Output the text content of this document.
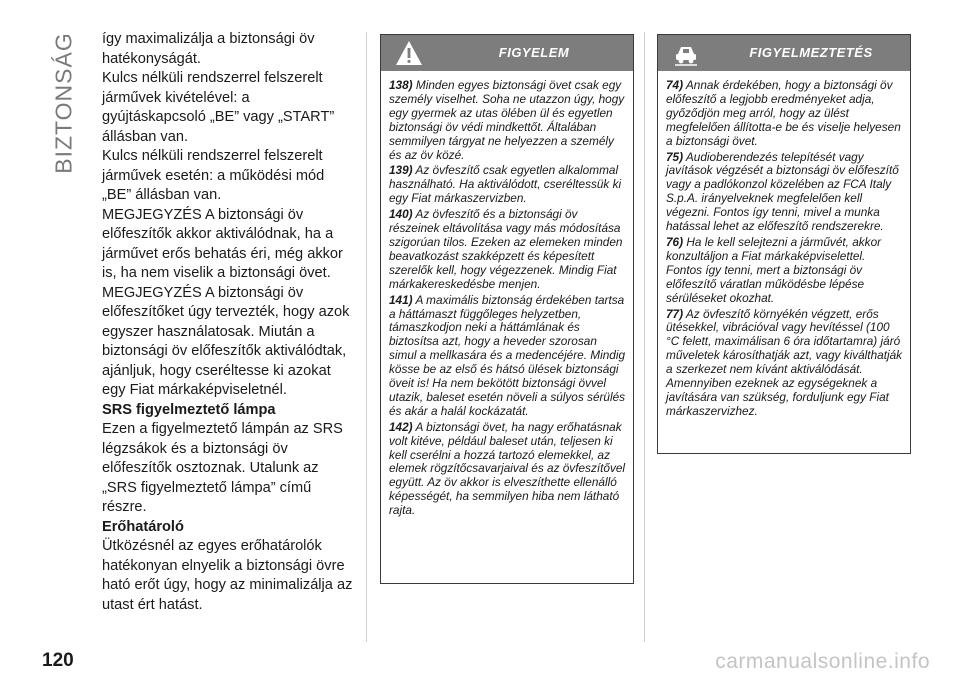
BIZTONSÁG így maximalizálja a biztonsági öv hatékonyságát.

Kulcs nélküli rendszerrel felszerelt járművek kivételével: a gyújtáskapcsoló „BE” vagy „START” állásban van.

Kulcs nélküli rendszerrel felszerelt járművek esetén: a működési mód „BE” állásban van.

MEGJEGYZÉS A biztonsági öv előfeszítők akkor aktiválódnak, ha a járművet erős behatás éri, még akkor is, ha nem viselik a biztonsági övet.

MEGJEGYZÉS A biztonsági öv előfeszítőket úgy tervezték, hogy azok egyszer használatosak. Miután a biztonsági öv előfeszítők aktiválódtak, ajánljuk, hogy cseréltesse ki azokat egy Fiat márkaképviseletnél.

SRS figyelmeztető lámpa

Ezen a figyelmeztető lámpán az SRS légzsákok és a biztonsági öv előfeszítők osztoznak. Utalunk az „SRS figyelmeztető lámpa” című részre.

Erőhatároló

Ütközésnél az egyes erőhatárolók hatékonyan elnyelik a biztonsági övre ható erőt úgy, hogy az minimalizálja az utast ért hatást.

FIGYELEM

138) Minden egyes biztonsági övet csak egy személy viselhet. Soha ne utazzon úgy, hogy egy gyermek az utas ölében ül és egyetlen biztonsági öv védi mindkettőt. Általában semmilyen tárgyat ne helyezzen a személy és az öv közé.

139) Az övfeszítő csak egyetlen alkalommal használható. Ha aktiválódott, cseréltessük ki egy Fiat márkaszervizben.

140) Az övfeszítő és a biztonsági öv részeinek eltávolítása vagy más módosítása szigorúan tilos. Ezeken az elemeken minden beavatkozást szakképzett és képesített szerelők kell, hogy végezzenek. Mindig Fiat márkakereskedésbe menjen.

141) A maximális biztonság érdekében tartsa a háttámaszt függőleges helyzetben, támaszkodjon neki a háttámlának és biztosítsa azt, hogy a heveder szorosan simul a mellkasára és a medencéjére. Mindig kösse be az első és hátsó ülések biztonsági öveit is! Ha nem bekötött biztonsági övvel utazik, baleset esetén növeli a súlyos sérülés és akár a halál kockázatát.

142) A biztonsági övet, ha nagy erőhatásnak volt kitéve, például baleset után, teljesen ki kell cserélni a hozzá tartozó elemekkel, az elemek rögzítőcsavarjaival és az övfeszítővel együtt. Az öv akkor is elveszíthette ellenálló képességét, ha semmilyen hiba nem látható rajta.

FIGYELMEZTETÉS

74) Annak érdekében, hogy a biztonsági öv előfeszítő a legjobb eredményeket adja, győződjön meg arról, hogy az ülést megfelelően állította-e be és viselje helyesen a biztonsági övet.

75) Audioberendezés telepítését vagy javítások végzését a biztonsági öv előfeszítő vagy a padlókonzol közelében az FCA Italy S.p.A. irányelveknek megfelelően kell végezni. Fontos így tenni, mivel a munka hatással lehet az előfeszítő rendszerekre.

76) Ha le kell selejtezni a járművét, akkor konzultáljon a Fiat márkaképviselettel. Fontos így tenni, mert a biztonsági öv előfeszítő váratlan működésbe lépése sérüléseket okozhat.

77) Az övfeszítő környékén végzett, erős ütésekkel, vibrációval vagy hevítéssel (100 °C felett, maximálisan 6 óra időtartamra) járó műveletek károsíthatják azt, vagy kiválthatják a szerkezet nem kívánt aktiválódását. Amennyiben ezeknek az egységeknek a javítására van szükség, forduljunk egy Fiat márkaszervizhez.

120	carmanualsonline.info
